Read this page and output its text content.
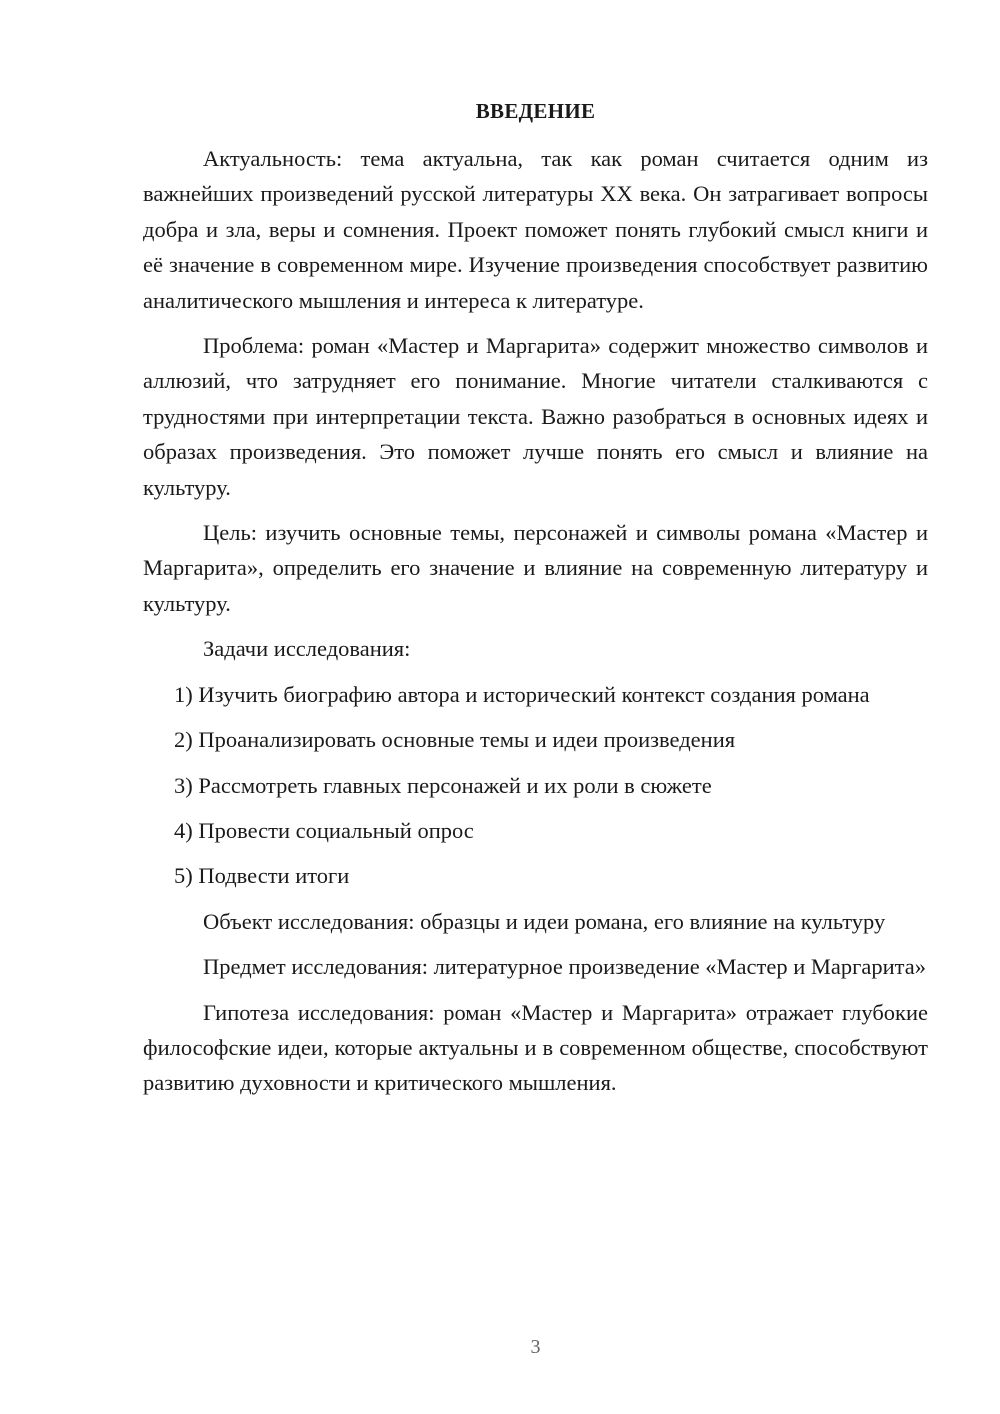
ВВЕДЕНИЕ

Актуальность: тема актуальна, так как роман считается одним из важнейших произведений русской литературы XX века. Он затрагивает вопросы добра и зла, веры и сомнения. Проект поможет понять глубокий смысл книги и её значение в современном мире. Изучение произведения способствует развитию аналитического мышления и интереса к литературе.

Проблема: роман «Мастер и Маргарита» содержит множество символов и аллюзий, что затрудняет его понимание. Многие читатели сталкиваются с трудностями при интерпретации текста. Важно разобраться в основных идеях и образах произведения. Это поможет лучше понять его смысл и влияние на культуру.

Цель: изучить основные темы, персонажей и символы романа «Мастер и Маргарита», определить его значение и влияние на современную литературу и культуру.

Задачи исследования:

1) Изучить биографию автора и исторический контекст создания романа

2) Проанализировать основные темы и идеи произведения

3) Рассмотреть главных персонажей и их роли в сюжете

4) Провести социальный опрос

5) Подвести итоги

Объект исследования: образцы и идеи романа, его влияние на культуру

Предмет исследования: литературное произведение «Мастер и Маргарита»

Гипотеза исследования: роман «Мастер и Маргарита» отражает глубокие философские идеи, которые актуальны и в современном обществе, способствуют развитию духовности и критического мышления.

3
